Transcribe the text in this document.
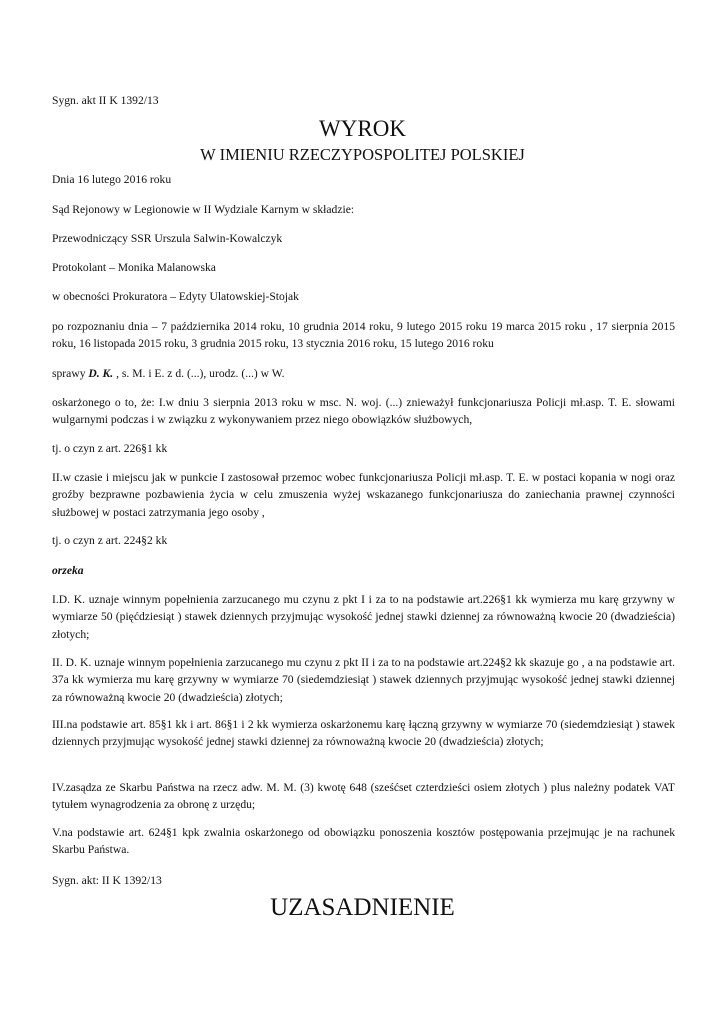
Sygn. akt II K 1392/13

WYROK
W IMIENIU RZECZYPOSPOLITEJ POLSKIEJ

Dnia 16 lutego 2016 roku

Sąd Rejonowy w Legionowie w II Wydziale Karnym w składzie:

Przewodniczący SSR Urszula Salwin-Kowalczyk

Protokolant – Monika Malanowska

w obecności Prokuratora – Edyty Ulatowskiej-Stojak

po rozpoznaniu dnia – 7 października 2014 roku, 10 grudnia 2014 roku, 9 lutego 2015 roku 19 marca 2015 roku , 17 sierpnia 2015 roku, 16 listopada 2015 roku, 3 grudnia 2015 roku, 13 stycznia 2016 roku, 15 lutego 2016 roku

sprawy D. K. , s. M. i E. z d. (...), urodz. (...) w W.

oskarżonego o to, że: I.w dniu 3 sierpnia 2013 roku w msc. N. woj. (...) znieważył funkcjonariusza Policji mł.asp. T. E. słowami wulgarnymi podczas i w związku z wykonywaniem przez niego obowiązków służbowych,

tj. o czyn z art. 226§1 kk

II.w czasie i miejscu jak w punkcie I zastosował przemoc wobec funkcjonariusza Policji mł.asp. T. E. w postaci kopania w nogi oraz groźby bezprawne pozbawienia życia w celu zmuszenia wyżej wskazanego funkcjonariusza do zaniechania prawnej czynności służbowej w postaci zatrzymania jego osoby ,

tj. o czyn z art. 224§2 kk

orzeka

I.D. K. uznaje winnym popełnienia zarzucanego mu czynu z pkt I i za to na podstawie art.226§1 kk wymierza mu karę grzywny w wymiarze 50 (pięćdziesiąt ) stawek dziennych przyjmując wysokość jednej stawki dziennej za równoważną kwocie 20 (dwadzieścia) złotych;

II. D. K. uznaje winnym popełnienia zarzucanego mu czynu z pkt II i za to na podstawie art.224§2 kk skazuje go , a na podstawie art. 37a kk wymierza mu karę grzywny w wymiarze 70 (siedemdziesiąt ) stawek dziennych przyjmując wysokość jednej stawki dziennej za równoważną kwocie 20 (dwadzieścia) złotych;

III.na podstawie art. 85§1 kk i art. 86§1 i 2 kk wymierza oskarżonemu karę łączną grzywny w wymiarze 70 (siedemdziesiąt ) stawek dziennych przyjmując wysokość jednej stawki dziennej za równoważną kwocie 20 (dwadzieścia) złotych;

IV.zasądza ze Skarbu Państwa na rzecz adw. M. M. (3) kwotę 648 (sześćset czterdzieści osiem złotych ) plus należny podatek VAT tytułem wynagrodzenia za obronę z urzędu;

V.na podstawie art. 624§1 kpk zwalnia oskarżonego od obowiązku ponoszenia kosztów postępowania przejmując je na rachunek Skarbu Państwa.

Sygn. akt: II K 1392/13

UZASADNIENIE
